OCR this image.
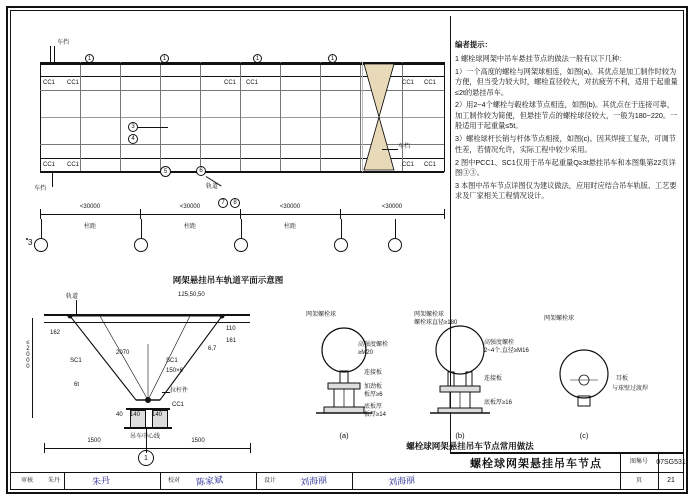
车挡
车挡
CC1 CC1	CC1 CC1	CC1 CC1
CC1 CC1	CC1 CC1
1	1	1	1
3
4
5	6
7 8
轨道
车挡
<30000	<30000	<30000	<30000
柱距	柱距	柱距
3
网架悬挂吊车轨道平面示意图
1
≤2000
轨道	125,50,50
162
110
161
6,7
SC1	SC1
2070
150×6
6t
拉杆件
CC1
40 140 140
吊车中心线
1500	1500
网架螺栓球
高强度螺栓
≥M20
连接板
加劲板
板厚≥6
底板厚
板厚≥14
(a)
网架螺栓球
螺栓球直径≥180
高强度螺栓
2~4个,直径≥M16
连接板
底板厚≥16
(b)
网架螺栓球
耳板
与球壁过渡焊
(c)
螺栓球网架悬挂吊车节点常用做法
编者提示：

1 螺栓球网架中吊车悬挂节点的做法一般有以下几种：

1）一个高度的螺栓与网架球相连，如图(a)。其优点是加工制作时较为方便，但当受力较大时，螺栓直径较大，对抗疲劳不利，适用于起重量≤2t的悬挂吊车。

2）用2~4个螺栓与毂栓球节点相连，如图(b)。其优点在于连接可靠，加工制作较为简便，但悬挂节点的螺栓球径较大，一般为180~220。一般适用于起重量≤5t。

3）螺栓球杆长销与杆体节点相接，如图(c)。因其焊接工复杂，可调节性差，若情况允许，实际工程中较少采用。

2 图中PCC1、SC1仅用于吊车起重量Q≥3t悬挂吊车和本图集第22页详图③③。

3 本图中吊车节点详图仅为建议做法，应用时应结合吊车轨版、工艺要求及厂家相关工程情况设计。

螺栓球网架悬挂吊车节点	图集号	07SG531
页	21
审核	朱丹	校对	设计
朱丹	陈家斌	刘海丽	刘海丽
